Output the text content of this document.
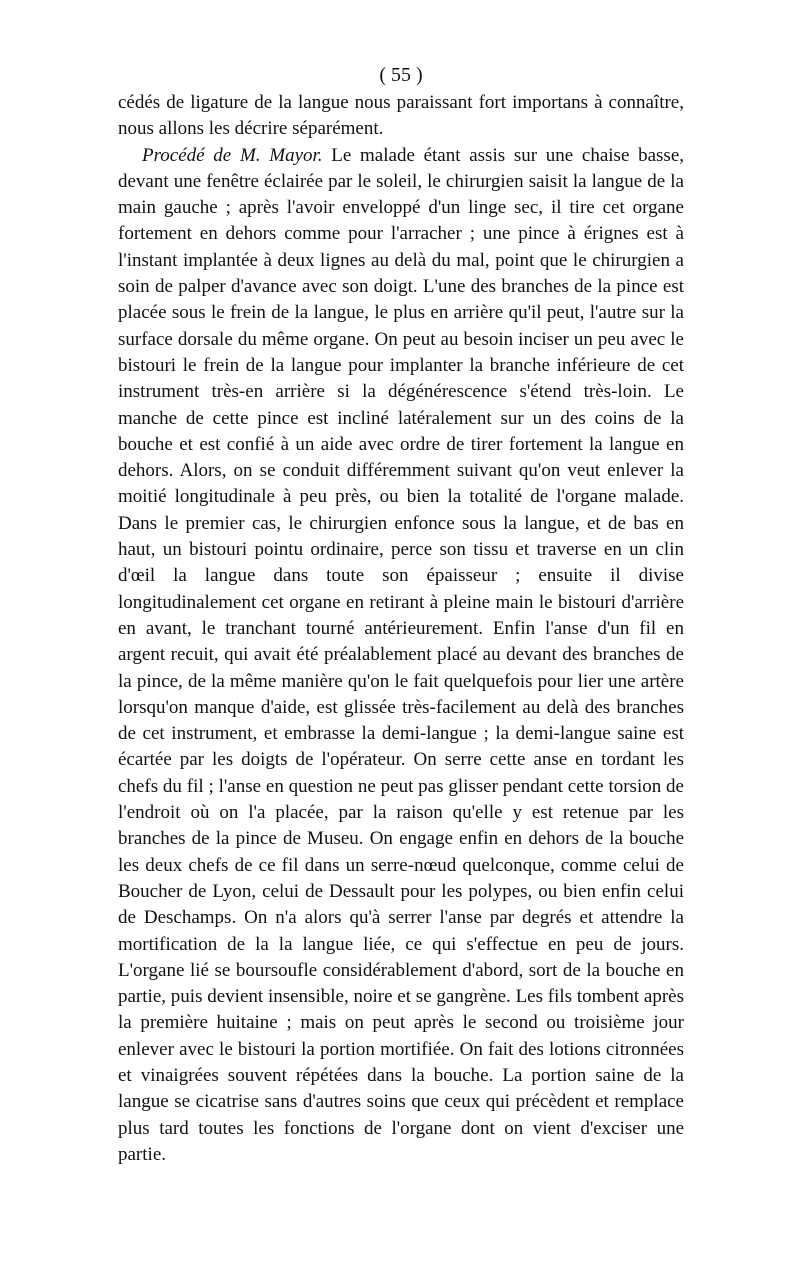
( 55 )

cédés de ligature de la langue nous paraissant fort importans à connaître, nous allons les décrire séparément.

Procédé de M. Mayor. Le malade étant assis sur une chaise basse, devant une fenêtre éclairée par le soleil, le chirurgien saisit la langue de la main gauche ; après l'avoir enveloppé d'un linge sec, il tire cet organe fortement en dehors comme pour l'arracher ; une pince à érignes est à l'instant implantée à deux lignes au delà du mal, point que le chirurgien a soin de palper d'avance avec son doigt. L'une des branches de la pince est placée sous le frein de la langue, le plus en arrière qu'il peut, l'autre sur la surface dorsale du même organe. On peut au besoin inciser un peu avec le bistouri le frein de la langue pour implanter la branche inférieure de cet instrument très-en arrière si la dégénérescence s'étend très-loin. Le manche de cette pince est incliné latéralement sur un des coins de la bouche et est confié à un aide avec ordre de tirer fortement la langue en dehors. Alors, on se conduit différemment suivant qu'on veut enlever la moitié longitudinale à peu près, ou bien la totalité de l'organe malade. Dans le premier cas, le chirurgien enfonce sous la langue, et de bas en haut, un bistouri pointu ordinaire, perce son tissu et traverse en un clin d'œil la langue dans toute son épaisseur ; ensuite il divise longitudinalement cet organe en retirant à pleine main le bistouri d'arrière en avant, le tranchant tourné antérieurement. Enfin l'anse d'un fil en argent recuit, qui avait été préalablement placé au devant des branches de la pince, de la même manière qu'on le fait quelquefois pour lier une artère lorsqu'on manque d'aide, est glissée très-facilement au delà des branches de cet instrument, et embrasse la demi-langue ; la demi-langue saine est écartée par les doigts de l'opérateur. On serre cette anse en tordant les chefs du fil ; l'anse en question ne peut pas glisser pendant cette torsion de l'endroit où on l'a placée, par la raison qu'elle y est retenue par les branches de la pince de Museu. On engage enfin en dehors de la bouche les deux chefs de ce fil dans un serre-nœud quelconque, comme celui de Boucher de Lyon, celui de Dessault pour les polypes, ou bien enfin celui de Deschamps. On n'a alors qu'à serrer l'anse par degrés et attendre la mortification de la la langue liée, ce qui s'effectue en peu de jours. L'organe lié se boursoufle considérablement d'abord, sort de la bouche en partie, puis devient insensible, noire et se gangrène. Les fils tombent après la première huitaine ; mais on peut après le second ou troisième jour enlever avec le bistouri la portion mortifiée. On fait des lotions citronnées et vinaigrées souvent répétées dans la bouche. La portion saine de la langue se cicatrise sans d'autres soins que ceux qui précèdent et remplace plus tard toutes les fonctions de l'organe dont on vient d'exciser une partie.
